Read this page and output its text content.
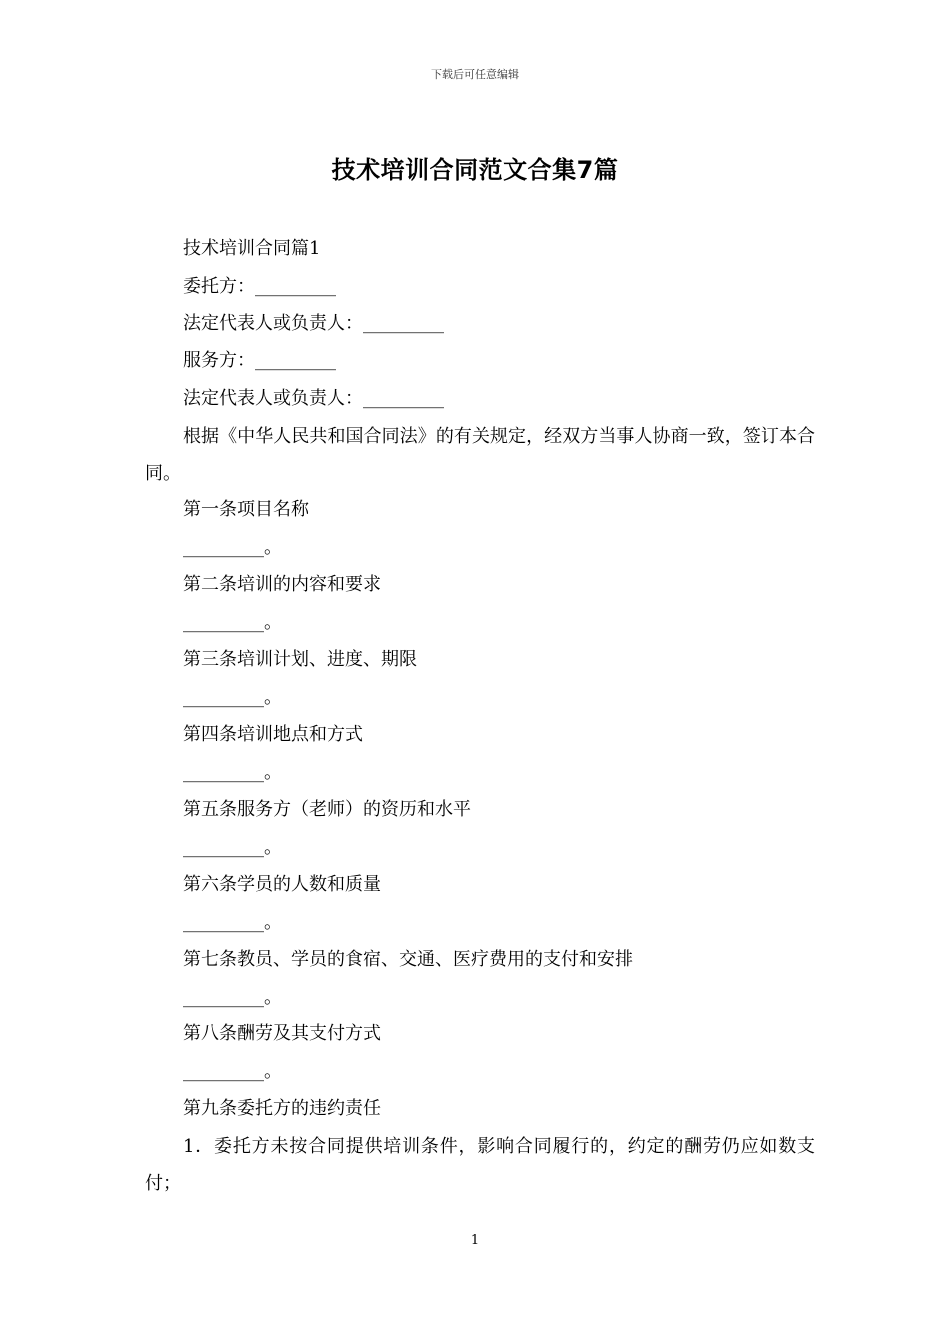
下载后可任意编辑
技术培训合同范文合集7篇
技术培训合同篇1
委托方：_________
法定代表人或负责人：_________
服务方：_________
法定代表人或负责人：_________
根据《中华人民共和国合同法》的有关规定，经双方当事人协商一致，签订本合同。
第一条项目名称
_________。
第二条培训的内容和要求
_________。
第三条培训计划、进度、期限
_________。
第四条培训地点和方式
_________。
第五条服务方（老师）的资历和水平
_________。
第六条学员的人数和质量
_________。
第七条教员、学员的食宿、交通、医疗费用的支付和安排
_________。
第八条酬劳及其支付方式
_________。
第九条委托方的违约责任
1．委托方未按合同提供培训条件，影响合同履行的，约定的酬劳仍应如数支付；
1
